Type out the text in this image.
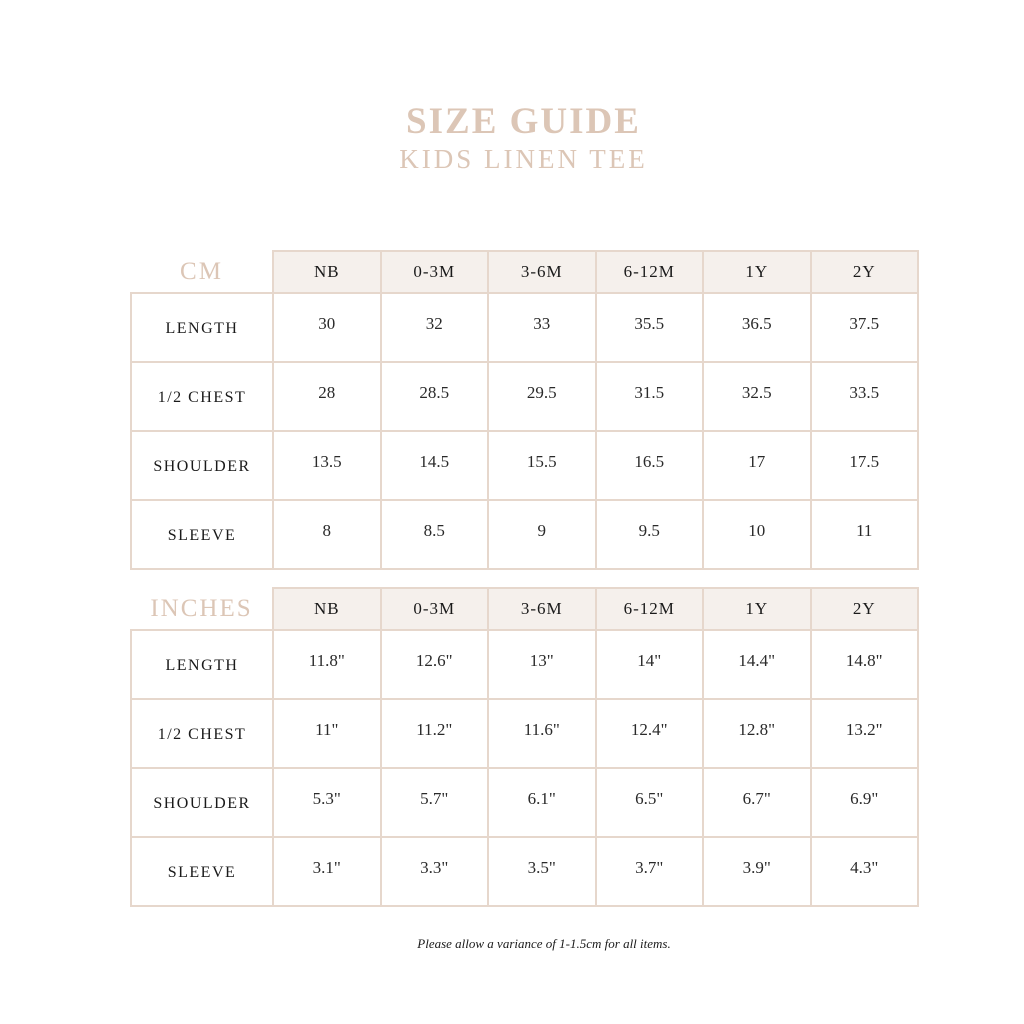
SIZE GUIDE
KIDS LINEN TEE
CM	NB	0-3M	3-6M	6-12M	1Y	2Y
LENGTH	30	32	33	35.5	36.5	37.5
1/2 CHEST	28	28.5	29.5	31.5	32.5	33.5
SHOULDER	13.5	14.5	15.5	16.5	17	17.5
SLEEVE	8	8.5	9	9.5	10	11
INCHES	NB	0-3M	3-6M	6-12M	1Y	2Y
LENGTH	11.8"	12.6"	13"	14"	14.4"	14.8"
1/2 CHEST	11"	11.2"	11.6"	12.4"	12.8"	13.2"
SHOULDER	5.3"	5.7"	6.1"	6.5"	6.7"	6.9"
SLEEVE	3.1"	3.3"	3.5"	3.7"	3.9"	4.3"
Please allow a variance of 1-1.5cm for all items.
